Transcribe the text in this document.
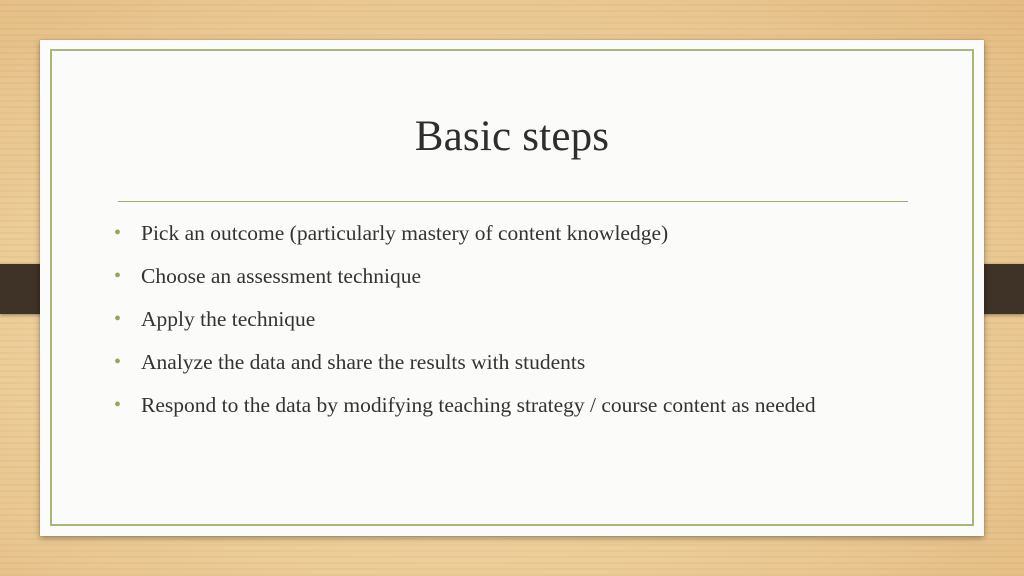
Basic steps
• Pick an outcome (particularly mastery of content knowledge)
• Choose an assessment technique
• Apply the technique
• Analyze the data and share the results with students
• Respond to the data by modifying teaching strategy / course content as needed
